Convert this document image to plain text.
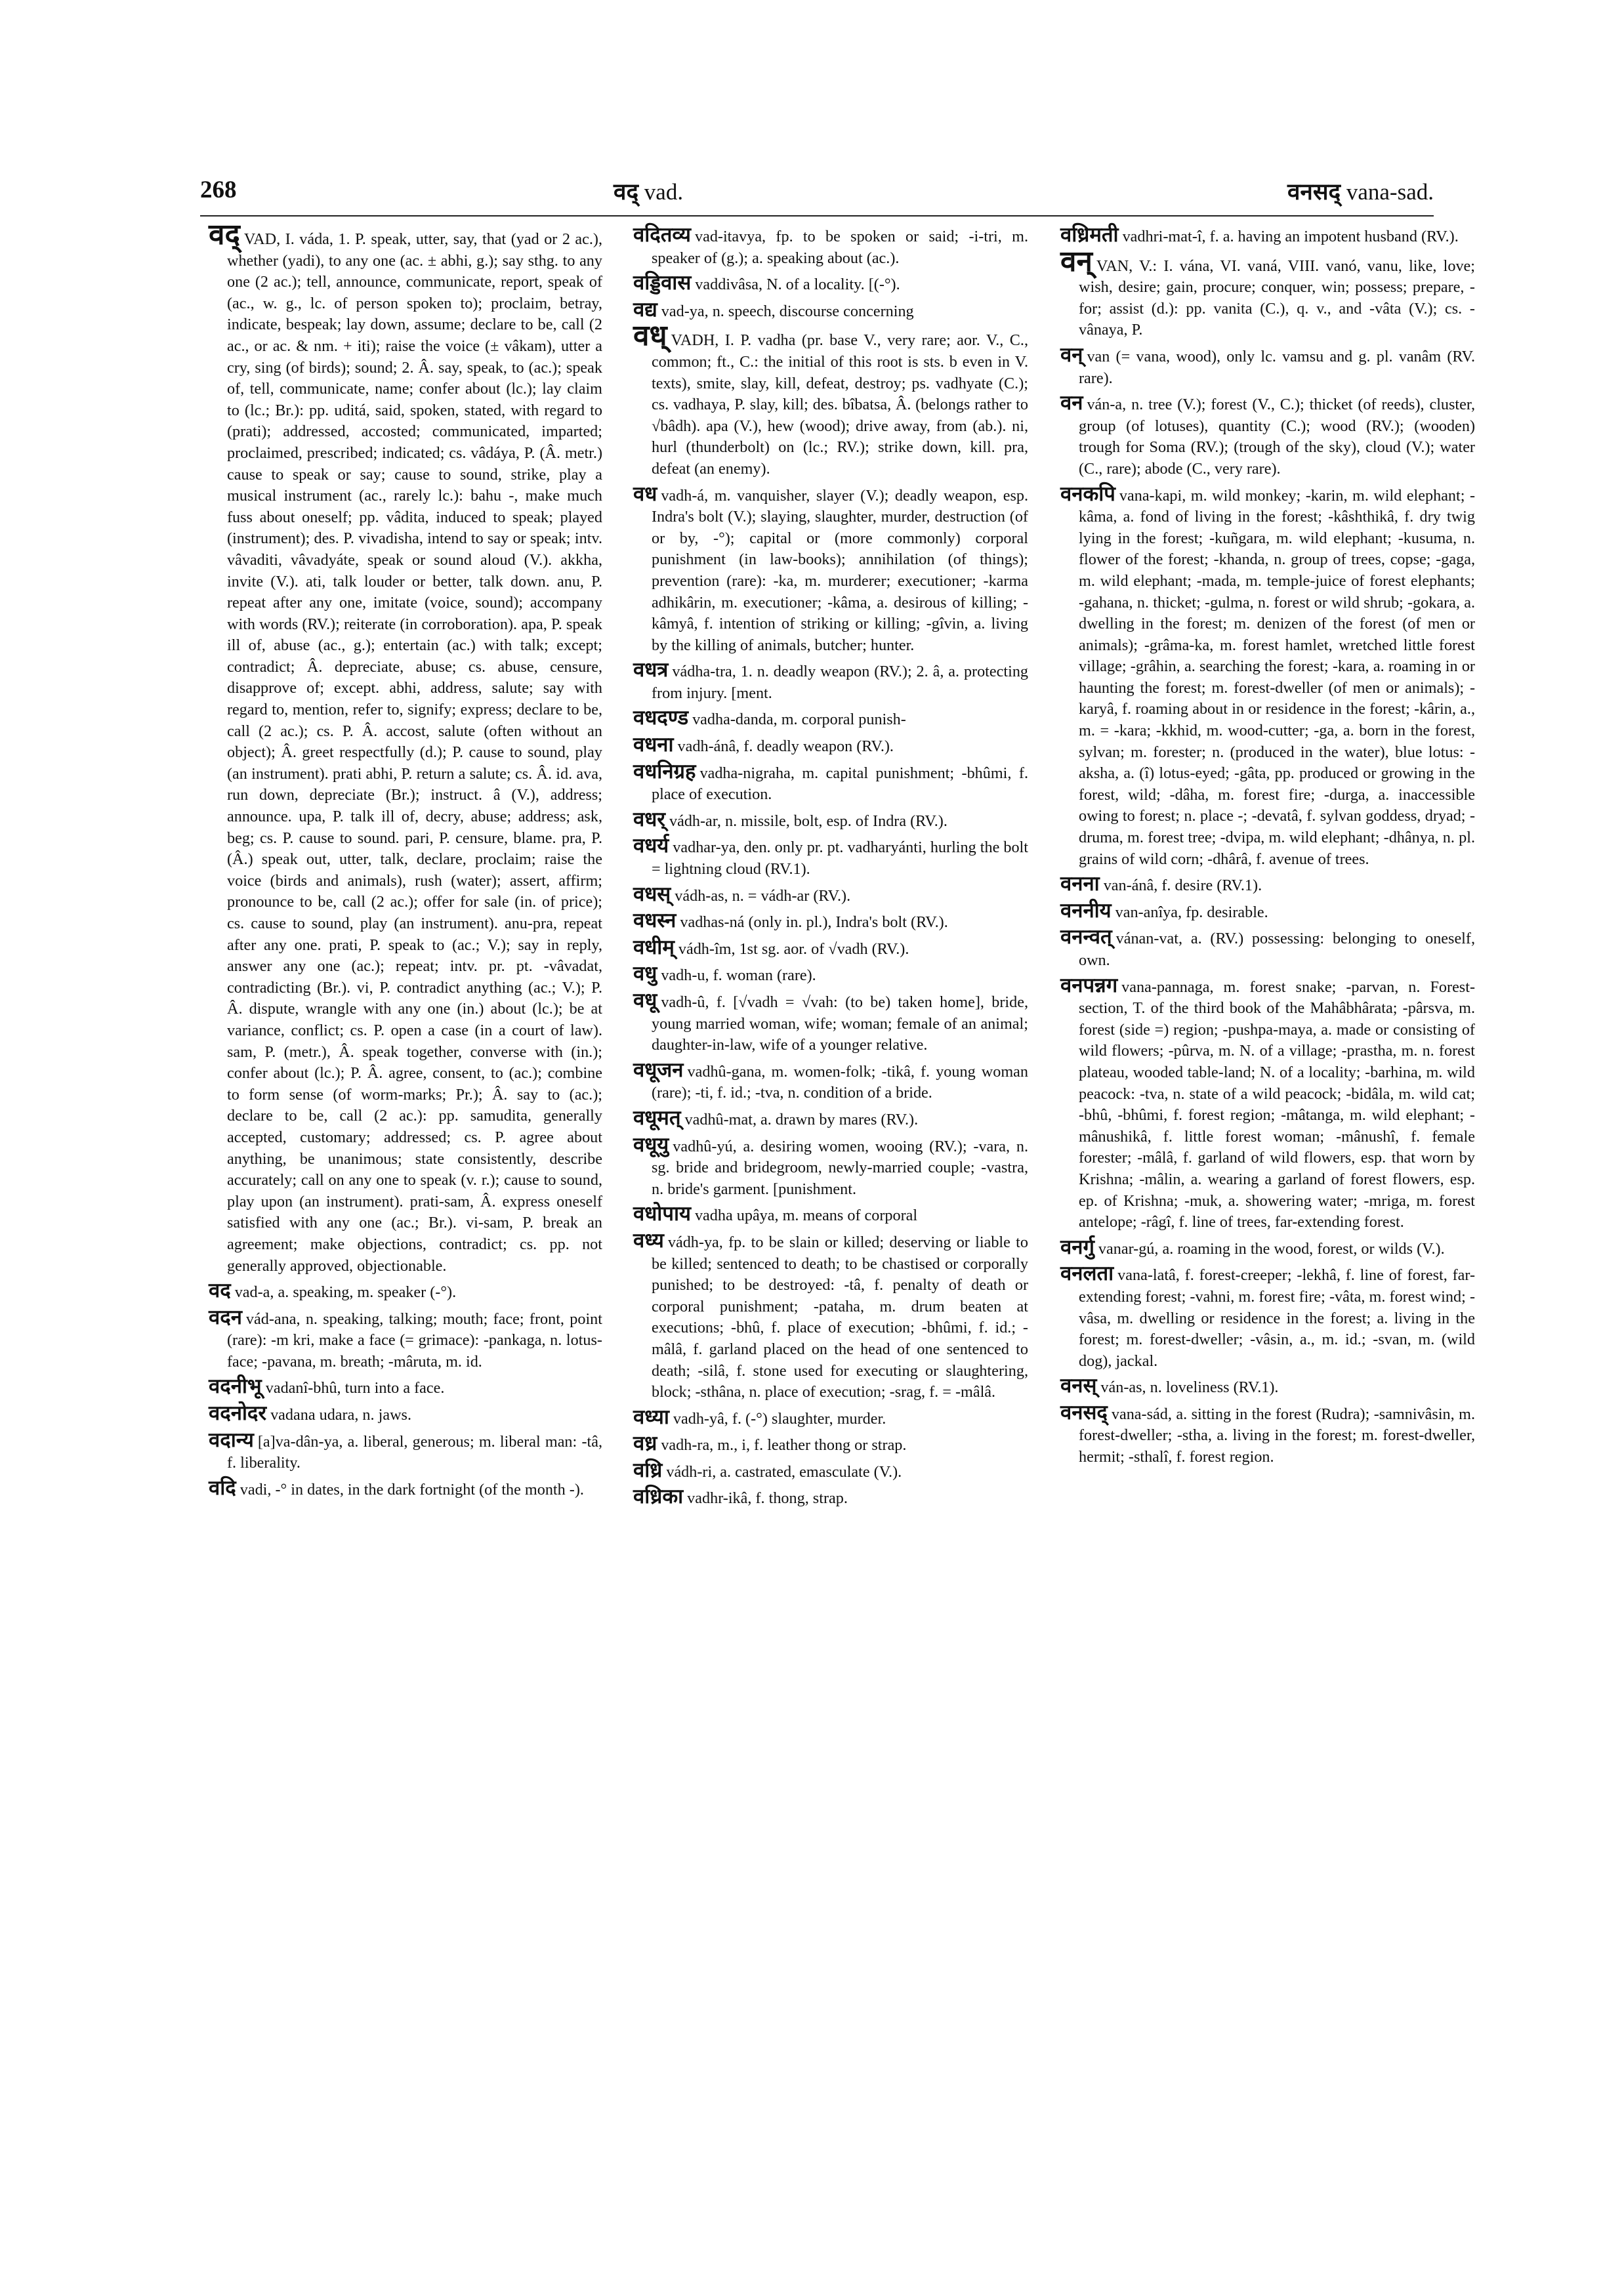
268	वद् vad.	वनसद् vana-sad.

वद् VAD, I. váda, 1. P. speak, utter, say, that (yad or 2 ac.), whether (yadi), to any one (ac. ± abhi, g.); say sthg. to any one (2 ac.); tell, announce, communicate, report, speak of (ac., w. g., lc. of person spoken to); proclaim, betray, indicate, bespeak; lay down, assume; declare to be, call (2 ac., or ac. & nm. + iti); raise the voice (± vâkam), utter a cry, sing (of birds); sound; 2. Â. say, speak, to (ac.); speak of, tell, communicate, name; confer about (lc.); lay claim to (lc.; Br.): pp. uditá, said, spoken, stated, with regard to (prati); addressed, accosted; communicated, imparted; proclaimed, prescribed; indicated; cs. vâdáya, P. (Â. metr.) cause to speak or say; cause to sound, strike, play a musical instrument (ac., rarely lc.): bahu -, make much fuss about oneself; pp. vâdita, induced to speak; played (instrument); des. P. vivadisha, intend to say or speak; intv. vâvaditi, vâvadyáte, speak or sound aloud (V.). akkha, invite (V.). ati, talk louder or better, talk down. anu, P. repeat after any one, imitate (voice, sound); accompany with words (RV.); reiterate (in corroboration). apa, P. speak ill of, abuse (ac., g.); entertain (ac.) with talk; except; contradict; Â. depreciate, abuse; cs. abuse, censure, disapprove of; except. abhi, address, salute; say with regard to, mention, refer to, signify; express; declare to be, call (2 ac.); cs. P. Â. accost, salute (often without an object); Â. greet respectfully (d.); P. cause to sound, play (an instrument). prati abhi, P. return a salute; cs. Â. id. ava, run down, depreciate (Br.); instruct. â (V.), address; announce. upa, P. talk ill of, decry, abuse; address; ask, beg; cs. P. cause to sound. pari, P. censure, blame. pra, P. (Â.) speak out, utter, talk, declare, proclaim; raise the voice (birds and animals), rush (water); assert, affirm; pronounce to be, call (2 ac.); offer for sale (in. of price); cs. cause to sound, play (an instrument). anu-pra, repeat after any one. prati, P. speak to (ac.; V.); say in reply, answer any one (ac.); repeat; intv. pr. pt. -vâvadat, contradicting (Br.). vi, P. contradict anything (ac.; V.); P. Â. dispute, wrangle with any one (in.) about (lc.); be at variance, conflict; cs. P. open a case (in a court of law). sam, P. (metr.), Â. speak together, converse with (in.); confer about (lc.); P. Â. agree, consent, to (ac.); combine to form sense (of worm-marks; Pr.); Â. say to (ac.); declare to be, call (2 ac.): pp. samudita, generally accepted, customary; addressed; cs. P. agree about anything, be unanimous; state consistently, describe accurately; call on any one to speak (v. r.); cause to sound, play upon (an instrument). prati-sam, Â. express oneself satisfied with any one (ac.; Br.). vi-sam, P. break an agreement; make objections, contradict; cs. pp. not generally approved, objectionable.

वद vad-a, a. speaking, m. speaker (-°).

वदन vád-ana, n. speaking, talking; mouth; face; front, point (rare): -m kri, make a face (= grimace): -pankaga, n. lotus-face; -pavana, m. breath; -mâruta, m. id.

वदनीभू vadanî-bhû, turn into a face.

वदनोदर vadana udara, n. jaws.

वदान्य [a]va-dân-ya, a. liberal, generous; m. liberal man: -tâ, f. liberality.

वदि vadi, -° in dates, in the dark fortnight (of the month -).

वदितव्य vad-itavya, fp. to be spoken or said; -i-tri, m. speaker of (g.); a. speaking about (ac.).

वड्डिवास vaddivâsa, N. of a locality. [(-°).

वद्य vad-ya, n. speech, discourse concerning

वध् VADH, I. P. vadha (pr. base V., very rare; aor. V., C., common; ft., C.: the initial of this root is sts. b even in V. texts), smite, slay, kill, defeat, destroy; ps. vadhyate (C.); cs. vadhaya, P. slay, kill; des. bîbatsa, Â. (belongs rather to √bâdh). apa (V.), hew (wood); drive away, from (ab.). ni, hurl (thunderbolt) on (lc.; RV.); strike down, kill. pra, defeat (an enemy).

वध vadh-á, m. vanquisher, slayer (V.); deadly weapon, esp. Indra's bolt (V.); slaying, slaughter, murder, destruction (of or by, -°); capital or (more commonly) corporal punishment (in law-books); annihilation (of things); prevention (rare): -ka, m. murderer; executioner; -karma adhikârin, m. executioner; -kâma, a. desirous of killing; -kâmyâ, f. intention of striking or killing; -gîvin, a. living by the killing of animals, butcher; hunter.

वधत्र vádha-tra, 1. n. deadly weapon (RV.); 2. â, a. protecting from injury. [ment.

वधदण्ड vadha-danda, m. corporal punish-

वधना vadh-ánâ, f. deadly weapon (RV.).

वधनिग्रह vadha-nigraha, m. capital punishment; -bhûmi, f. place of execution.

वधर् vádh-ar, n. missile, bolt, esp. of Indra (RV.).

वधर्य vadhar-ya, den. only pr. pt. vadharyánti, hurling the bolt = lightning cloud (RV.1).

वधस् vádh-as, n. = vádh-ar (RV.).

वधस्न vadhas-ná (only in. pl.), Indra's bolt (RV.).

वधीम् vádh-îm, 1st sg. aor. of √vadh (RV.).

वधु vadh-u, f. woman (rare).

वधू vadh-û, f. [√vadh = √vah: (to be) taken home], bride, young married woman, wife; woman; female of an animal; daughter-in-law, wife of a younger relative.

वधूजन vadhû-gana, m. women-folk; -tikâ, f. young woman (rare); -ti, f. id.; -tva, n. condition of a bride.

वधूमत् vadhû-mat, a. drawn by mares (RV.).

वधूयु vadhû-yú, a. desiring women, wooing (RV.); -vara, n. sg. bride and bridegroom, newly-married couple; -vastra, n. bride's garment. [punishment.

वधोपाय vadha upâya, m. means of corporal

वध्य vádh-ya, fp. to be slain or killed; deserving or liable to be killed; sentenced to death; to be chastised or corporally punished; to be destroyed: -tâ, f. penalty of death or corporal punishment; -pataha, m. drum beaten at executions; -bhû, f. place of execution; -bhûmi, f. id.; -mâlâ, f. garland placed on the head of one sentenced to death; -silâ, f. stone used for executing or slaughtering, block; -sthâna, n. place of execution; -srag, f. = -mâlâ.

वध्या vadh-yâ, f. (-°) slaughter, murder.

वध्र vadh-ra, m., i, f. leather thong or strap.

वध्रि vádh-ri, a. castrated, emasculate (V.).

वध्रिका vadhr-ikâ, f. thong, strap.

वध्रिमती vadhri-mat-î, f. a. having an impotent husband (RV.).

वन् VAN, V.: I. vána, VI. vaná, VIII. vanó, vanu, like, love; wish, desire; gain, procure; conquer, win; possess; prepare, - for; assist (d.): pp. vanita (C.), q. v., and -vâta (V.); cs. -vânaya, P.

वन् van (= vana, wood), only lc. vamsu and g. pl. vanâm (RV. rare).

वन ván-a, n. tree (V.); forest (V., C.); thicket (of reeds), cluster, group (of lotuses), quantity (C.); wood (RV.); (wooden) trough for Soma (RV.); (trough of the sky), cloud (V.); water (C., rare); abode (C., very rare).

वनकपि vana-kapi, m. wild monkey; -karin, m. wild elephant; -kâma, a. fond of living in the forest; -kâshthikâ, f. dry twig lying in the forest; -kuñgara, m. wild elephant; -kusuma, n. flower of the forest; -khanda, n. group of trees, copse; -gaga, m. wild elephant; -mada, m. temple-juice of forest elephants; -gahana, n. thicket; -gulma, n. forest or wild shrub; -gokara, a. dwelling in the forest; m. denizen of the forest (of men or animals); -grâma-ka, m. forest hamlet, wretched little forest village; -grâhin, a. searching the forest; -kara, a. roaming in or haunting the forest; m. forest-dweller (of men or animals); -karyâ, f. roaming about in or residence in the forest; -kârin, a., m. = -kara; -kkhid, m. wood-cutter; -ga, a. born in the forest, sylvan; m. forester; n. (produced in the water), blue lotus: -aksha, a. (î) lotus-eyed; -gâta, pp. produced or growing in the forest, wild; -dâha, m. forest fire; -durga, a. inaccessible owing to forest; n. place -; -devatâ, f. sylvan goddess, dryad; -druma, m. forest tree; -dvipa, m. wild elephant; -dhânya, n. pl. grains of wild corn; -dhârâ, f. avenue of trees.

वनना van-ánâ, f. desire (RV.1).

वननीय van-anîya, fp. desirable.

वनन्वत् vánan-vat, a. (RV.) possessing: belonging to oneself, own.

वनपन्नग vana-pannaga, m. forest snake; -parvan, n. Forest-section, T. of the third book of the Mahâbhârata; -pârsva, m. forest (side =) region; -pushpa-maya, a. made or consisting of wild flowers; -pûrva, m. N. of a village; -prastha, m. n. forest plateau, wooded table-land; N. of a locality; -barhina, m. wild peacock: -tva, n. state of a wild peacock; -bidâla, m. wild cat; -bhû, -bhûmi, f. forest region; -mâtanga, m. wild elephant; -mânushikâ, f. little forest woman; -mânushî, f. female forester; -mâlâ, f. garland of wild flowers, esp. that worn by Krishna; -mâlin, a. wearing a garland of forest flowers, esp. ep. of Krishna; -muk, a. showering water; -mriga, m. forest antelope; -râgî, f. line of trees, far-extending forest.

वनर्गु vanar-gú, a. roaming in the wood, forest, or wilds (V.).

वनलता vana-latâ, f. forest-creeper; -lekhâ, f. line of forest, far-extending forest; -vahni, m. forest fire; -vâta, m. forest wind; -vâsa, m. dwelling or residence in the forest; a. living in the forest; m. forest-dweller; -vâsin, a., m. id.; -svan, m. (wild dog), jackal.

वनस् ván-as, n. loveliness (RV.1).

वनसद् vana-sád, a. sitting in the forest (Rudra); -samnivâsin, m. forest-dweller; -stha, a. living in the forest; m. forest-dweller, hermit; -sthalî, f. forest region.
